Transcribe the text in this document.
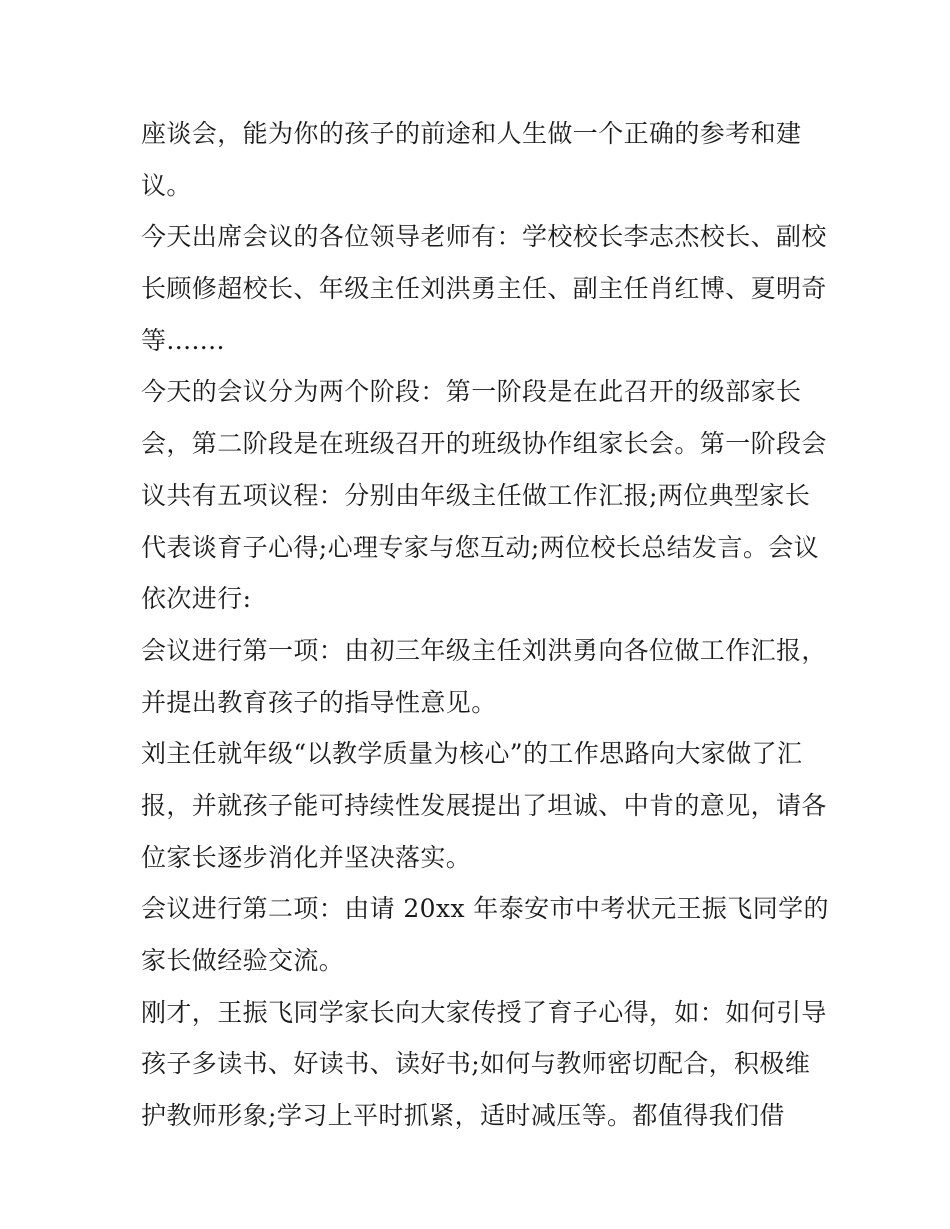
座谈会，能为你的孩子的前途和人生做一个正确的参考和建
议。
今天出席会议的各位领导老师有：学校校长李志杰校长、副校
长顾修超校长、年级主任刘洪勇主任、副主任肖红博、夏明奇
等.......
今天的会议分为两个阶段：第一阶段是在此召开的级部家长
会，第二阶段是在班级召开的班级协作组家长会。第一阶段会
议共有五项议程：分别由年级主任做工作汇报;两位典型家长
代表谈育子心得;心理专家与您互动;两位校长总结发言。会议
依次进行:
会议进行第一项：由初三年级主任刘洪勇向各位做工作汇报，
并提出教育孩子的指导性意见。
刘主任就年级“以教学质量为核心”的工作思路向大家做了汇
报，并就孩子能可持续性发展提出了坦诚、中肯的意见，请各
位家长逐步消化并坚决落实。
会议进行第二项：由请 20xx 年泰安市中考状元王振飞同学的
家长做经验交流。
刚才，王振飞同学家长向大家传授了育子心得，如：如何引导
孩子多读书、好读书、读好书;如何与教师密切配合，积极维
护教师形象;学习上平时抓紧，适时减压等。都值得我们借
